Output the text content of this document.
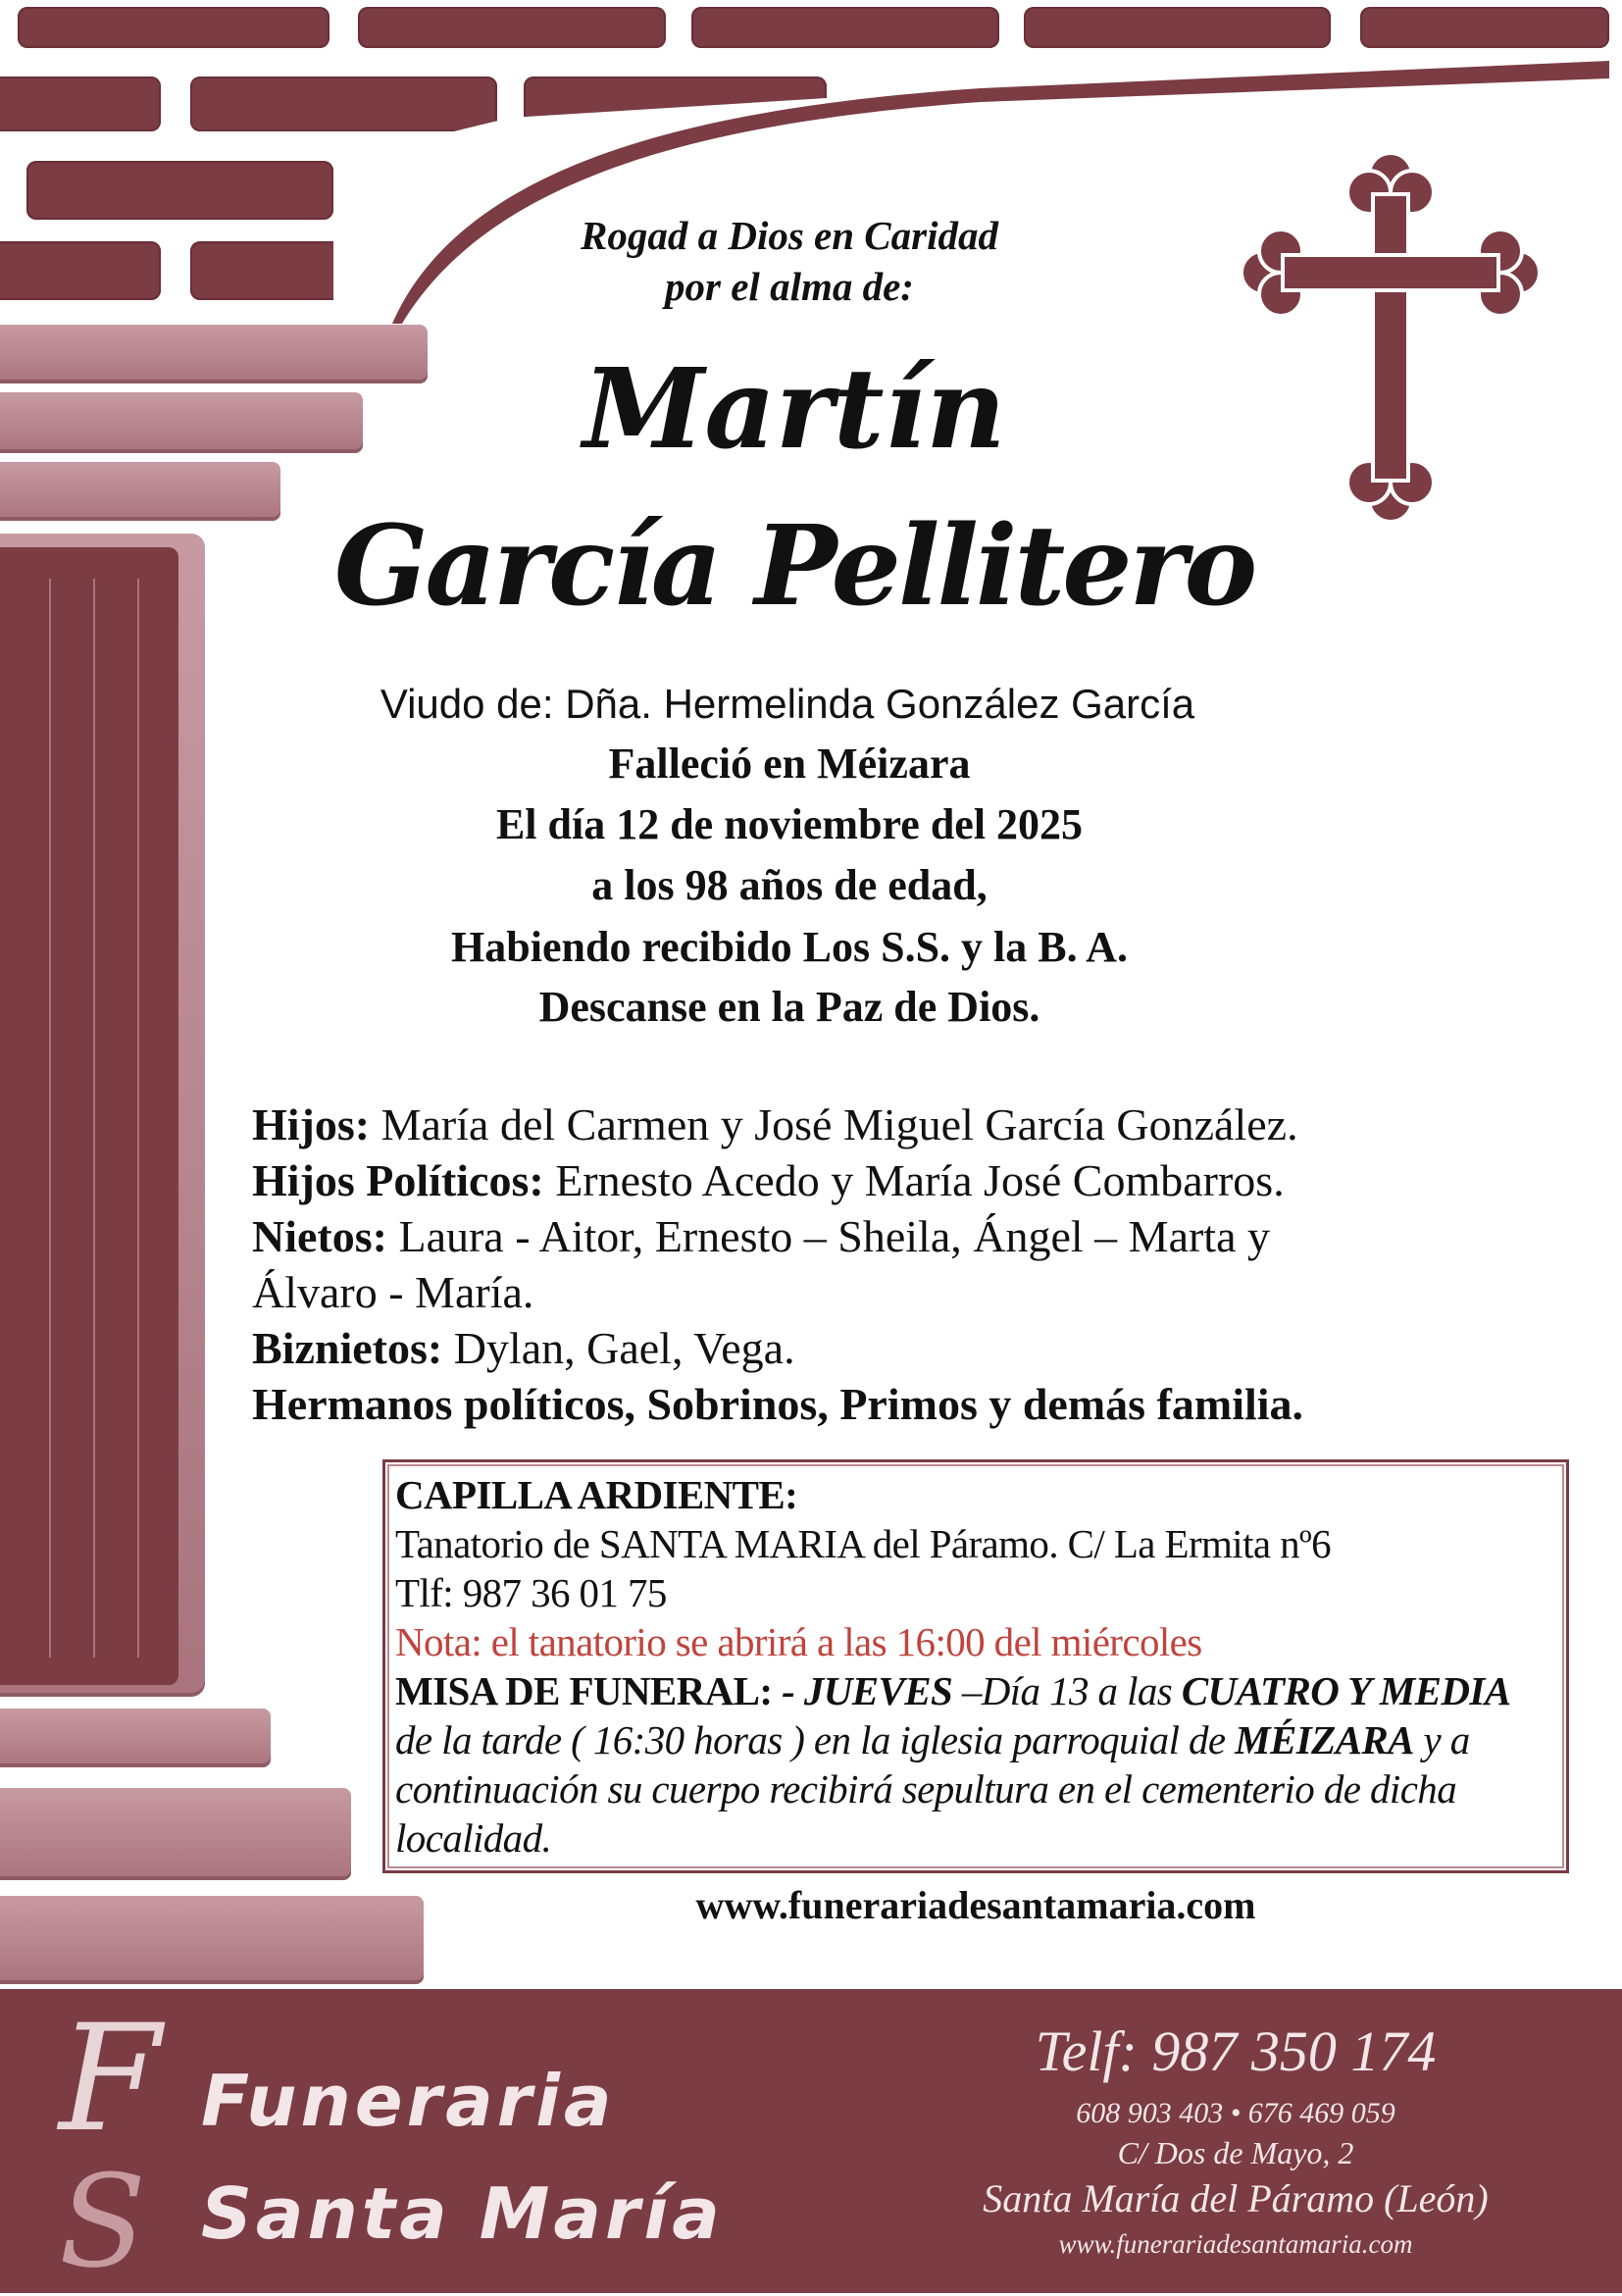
Rogad a Dios en Caridad
por el alma de:
Martín
García Pellitero
Viudo de: Dña. Hermelinda González García
Falleció en Méizara
El día 12 de noviembre del 2025
a los 98 años de edad,
Habiendo recibido Los S.S. y la B. A.
Descanse en la Paz de Dios.
Hijos: María del Carmen y José Miguel García González.
Hijos Políticos: Ernesto Acedo y María José Combarros.
Nietos: Laura - Aitor, Ernesto – Sheila, Ángel – Marta y Álvaro - María.
Biznietos: Dylan, Gael, Vega.
Hermanos políticos, Sobrinos, Primos y demás familia.
CAPILLA ARDIENTE:
Tanatorio de SANTA MARIA del Páramo. C/ La Ermita nº6
Tlf: 987 36 01 75
Nota: el tanatorio se abrirá a las 16:00 del miércoles
MISA DE FUNERAL: - JUEVES –Día 13 a las CUATRO Y MEDIA de la tarde ( 16:30 horas ) en la iglesia parroquial de MÉIZARA y a continuación su cuerpo recibirá sepultura en el cementerio de dicha localidad.
www.funerariadesantamaria.com
F
S
Funeraria
Santa María
Telf: 987 350 174
608 903 403 • 676 469 059
C/ Dos de Mayo, 2
Santa María del Páramo (León)
www.funerariadesantamaria.com
